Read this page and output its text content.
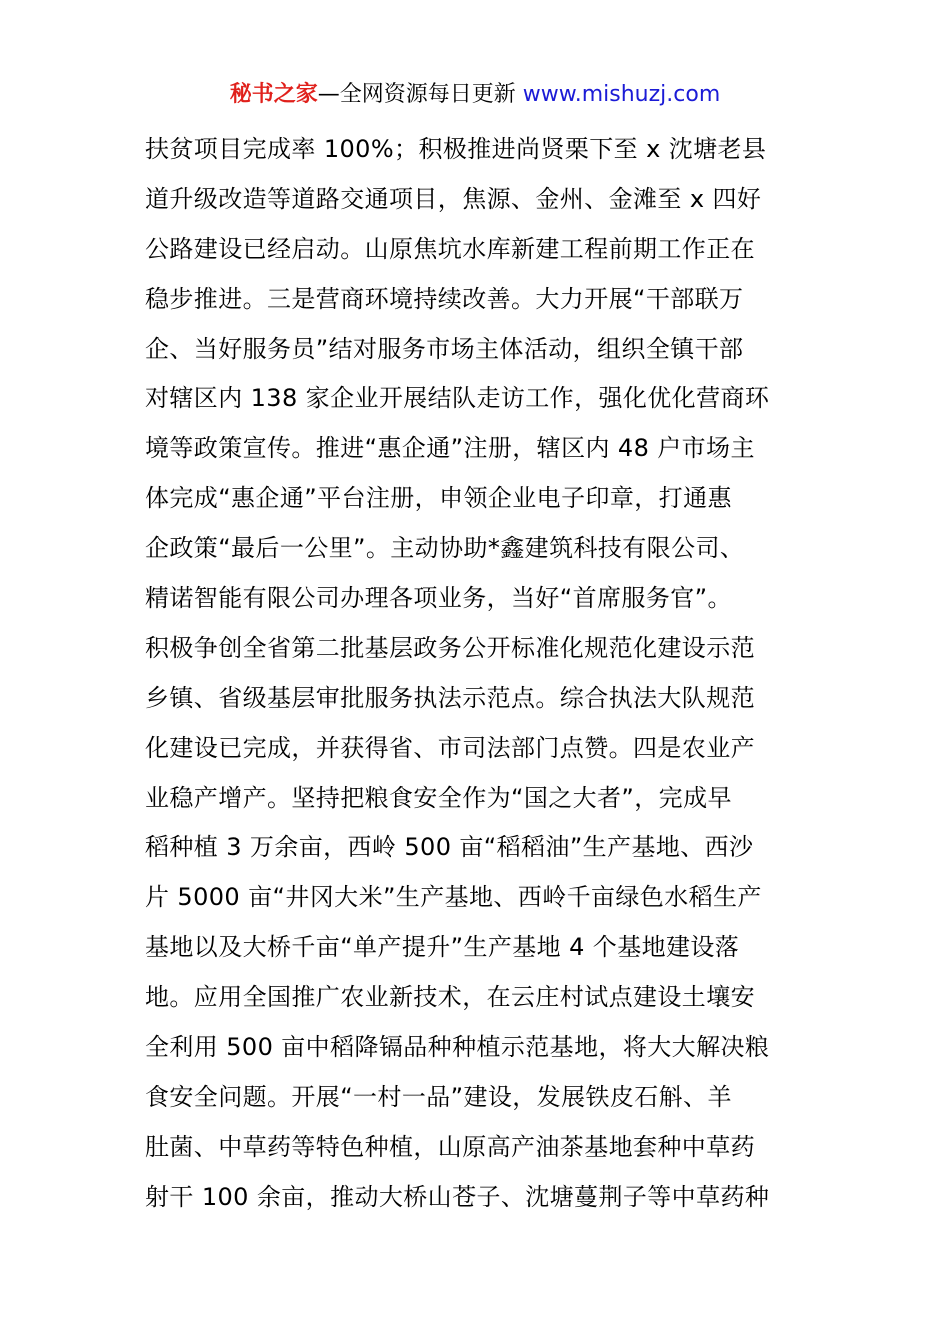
秘书之家—全网资源每日更新 www.mishuzj.com
扶贫项目完成率 100%；积极推进尚贤栗下至 x 沈塘老县
道升级改造等道路交通项目，焦源、金州、金滩至 x 四好
公路建设已经启动。山原焦坑水库新建工程前期工作正在
稳步推进。三是营商环境持续改善。大力开展“干部联万
企、当好服务员”结对服务市场主体活动，组织全镇干部
对辖区内 138 家企业开展结队走访工作，强化优化营商环
境等政策宣传。推进“惠企通”注册，辖区内 48 户市场主
体完成“惠企通”平台注册，申领企业电子印章，打通惠
企政策“最后一公里”。主动协助*鑫建筑科技有限公司、
精诺智能有限公司办理各项业务，当好“首席服务官”。
积极争创全省第二批基层政务公开标准化规范化建设示范
乡镇、省级基层审批服务执法示范点。综合执法大队规范
化建设已完成，并获得省、市司法部门点赞。四是农业产
业稳产增产。坚持把粮食安全作为“国之大者”，完成早
稻种植 3 万余亩，西岭 500 亩“稻稻油”生产基地、西沙
片 5000 亩“井冈大米”生产基地、西岭千亩绿色水稻生产
基地以及大桥千亩“单产提升”生产基地 4 个基地建设落
地。应用全国推广农业新技术，在云庄村试点建设土壤安
全利用 500 亩中稻降镉品种种植示范基地，将大大解决粮
食安全问题。开展“一村一品”建设，发展铁皮石斛、羊
肚菌、中草药等特色种植，山原高产油茶基地套种中草药
射干 100 余亩，推动大桥山苍子、沈塘蔓荆子等中草药种
